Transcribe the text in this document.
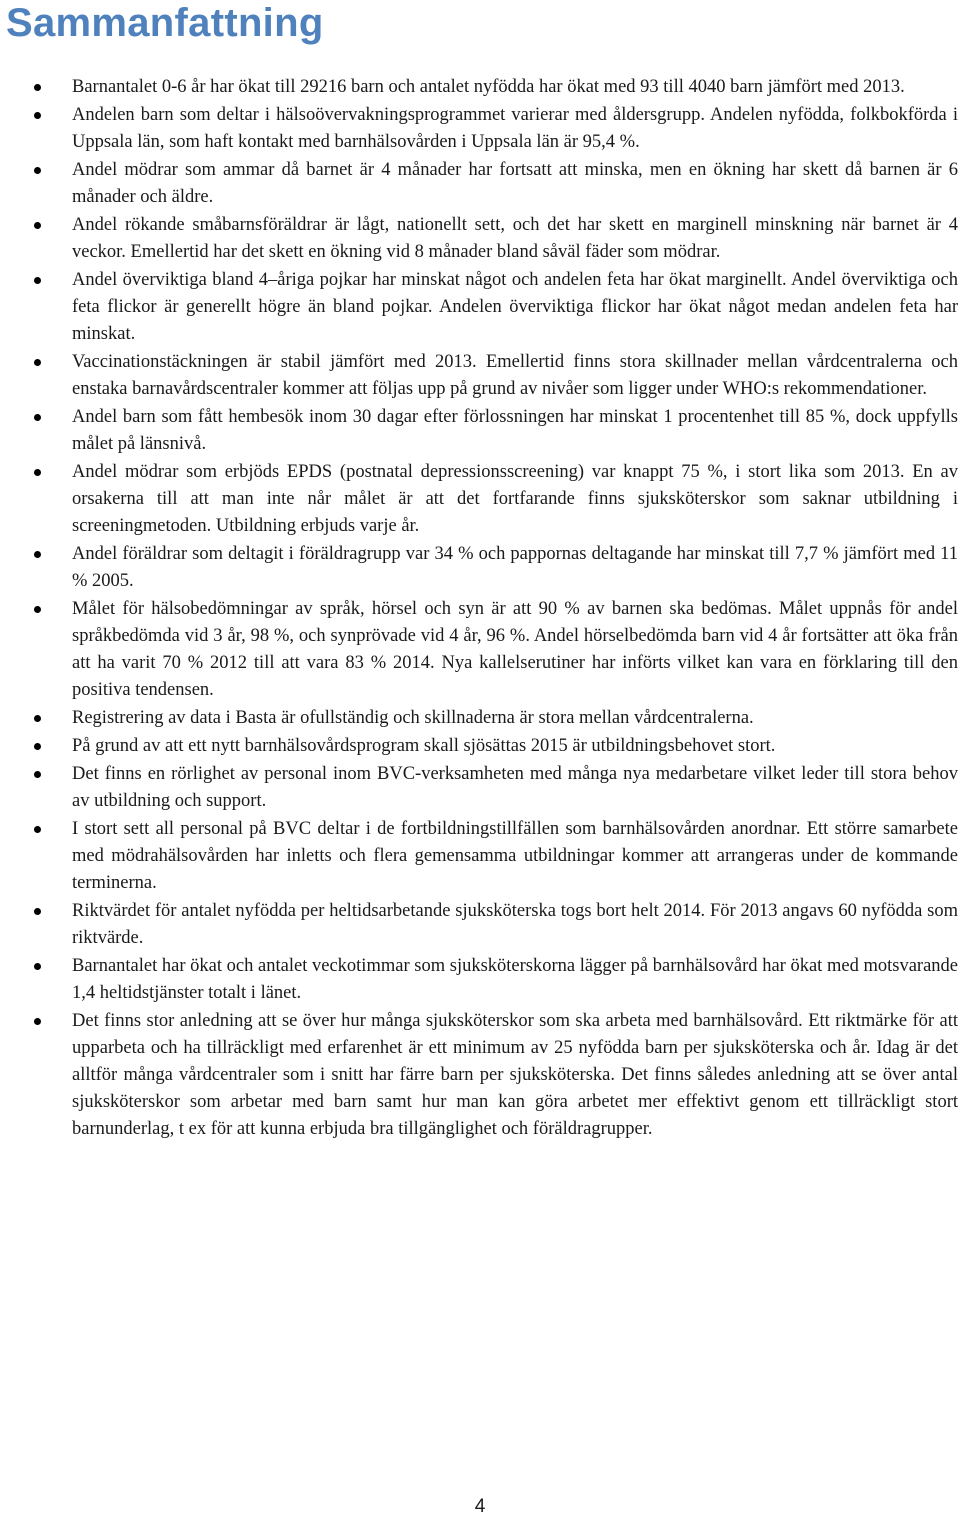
Sammanfattning
Barnantalet 0-6 år har ökat till 29216 barn och antalet nyfödda har ökat med 93 till 4040 barn jämfört med 2013.
Andelen barn som deltar i hälsoövervakningsprogrammet varierar med åldersgrupp. Andelen nyfödda, folkbokförda i Uppsala län, som haft kontakt med barnhälsovården i Uppsala län är 95,4 %.
Andel mödrar som ammar då barnet är 4 månader har fortsatt att minska, men en ökning har skett då barnen är 6 månader och äldre.
Andel rökande småbarnsföräldrar är lågt, nationellt sett, och det har skett en marginell minskning när barnet är 4 veckor. Emellertid har det skett en ökning vid 8 månader bland såväl fäder som mödrar.
Andel överviktiga bland 4–åriga pojkar har minskat något och andelen feta har ökat marginellt. Andel överviktiga och feta flickor är generellt högre än bland pojkar. Andelen överviktiga flickor har ökat något medan andelen feta har minskat.
Vaccinationstäckningen är stabil jämfört med 2013. Emellertid finns stora skillnader mellan vårdcentralerna och enstaka barnavårdscentraler kommer att följas upp på grund av nivåer som ligger under WHO:s rekommendationer.
Andel barn som fått hembesök inom 30 dagar efter förlossningen har minskat 1 procentenhet till 85 %, dock uppfylls målet på länsnivå.
Andel mödrar som erbjöds EPDS (postnatal depressionsscreening) var knappt 75 %, i stort lika som 2013. En av orsakerna till att man inte når målet är att det fortfarande finns sjuksköterskor som saknar utbildning i screeningmetoden. Utbildning erbjuds varje år.
Andel föräldrar som deltagit i föräldragrupp var 34 % och pappornas deltagande har minskat till 7,7 % jämfört med 11 % 2005.
Målet för hälsobedömningar av språk, hörsel och syn är att 90 % av barnen ska bedömas. Målet uppnås för andel språkbedömda vid 3 år, 98 %, och synprövade vid 4 år, 96 %. Andel hörselbedömda barn vid 4 år fortsätter att öka från att ha varit 70 % 2012 till att vara 83 % 2014. Nya kallelserutiner har införts vilket kan vara en förklaring till den positiva tendensen.
Registrering av data i Basta är ofullständig och skillnaderna är stora mellan vårdcentralerna.
På grund av att ett nytt barnhälsovårdsprogram skall sjösättas 2015 är utbildningsbehovet stort.
Det finns en rörlighet av personal inom BVC-verksamheten med många nya medarbetare vilket leder till stora behov av utbildning och support.
I stort sett all personal på BVC deltar i de fortbildningstillfällen som barnhälsovården anordnar. Ett större samarbete med mödrahälsovården har inletts och flera gemensamma utbildningar kommer att arrangeras under de kommande terminerna.
Riktvärdet för antalet nyfödda per heltidsarbetande sjuksköterska togs bort helt 2014. För 2013 angavs 60 nyfödda som riktvärde.
Barnantalet har ökat och antalet veckotimmar som sjuksköterskorna lägger på barnhälsovård har ökat med motsvarande 1,4 heltidstjänster totalt i länet.
Det finns stor anledning att se över hur många sjuksköterskor som ska arbeta med barnhälsovård. Ett riktmärke för att upparbeta och ha tillräckligt med erfarenhet är ett minimum av 25 nyfödda barn per sjuksköterska och år. Idag är det alltför många vårdcentraler som i snitt har färre barn per sjuksköterska. Det finns således anledning att se över antal sjuksköterskor som arbetar med barn samt hur man kan göra arbetet mer effektivt genom ett tillräckligt stort barnunderlag, t ex för att kunna erbjuda bra tillgänglighet och föräldragrupper.
4
